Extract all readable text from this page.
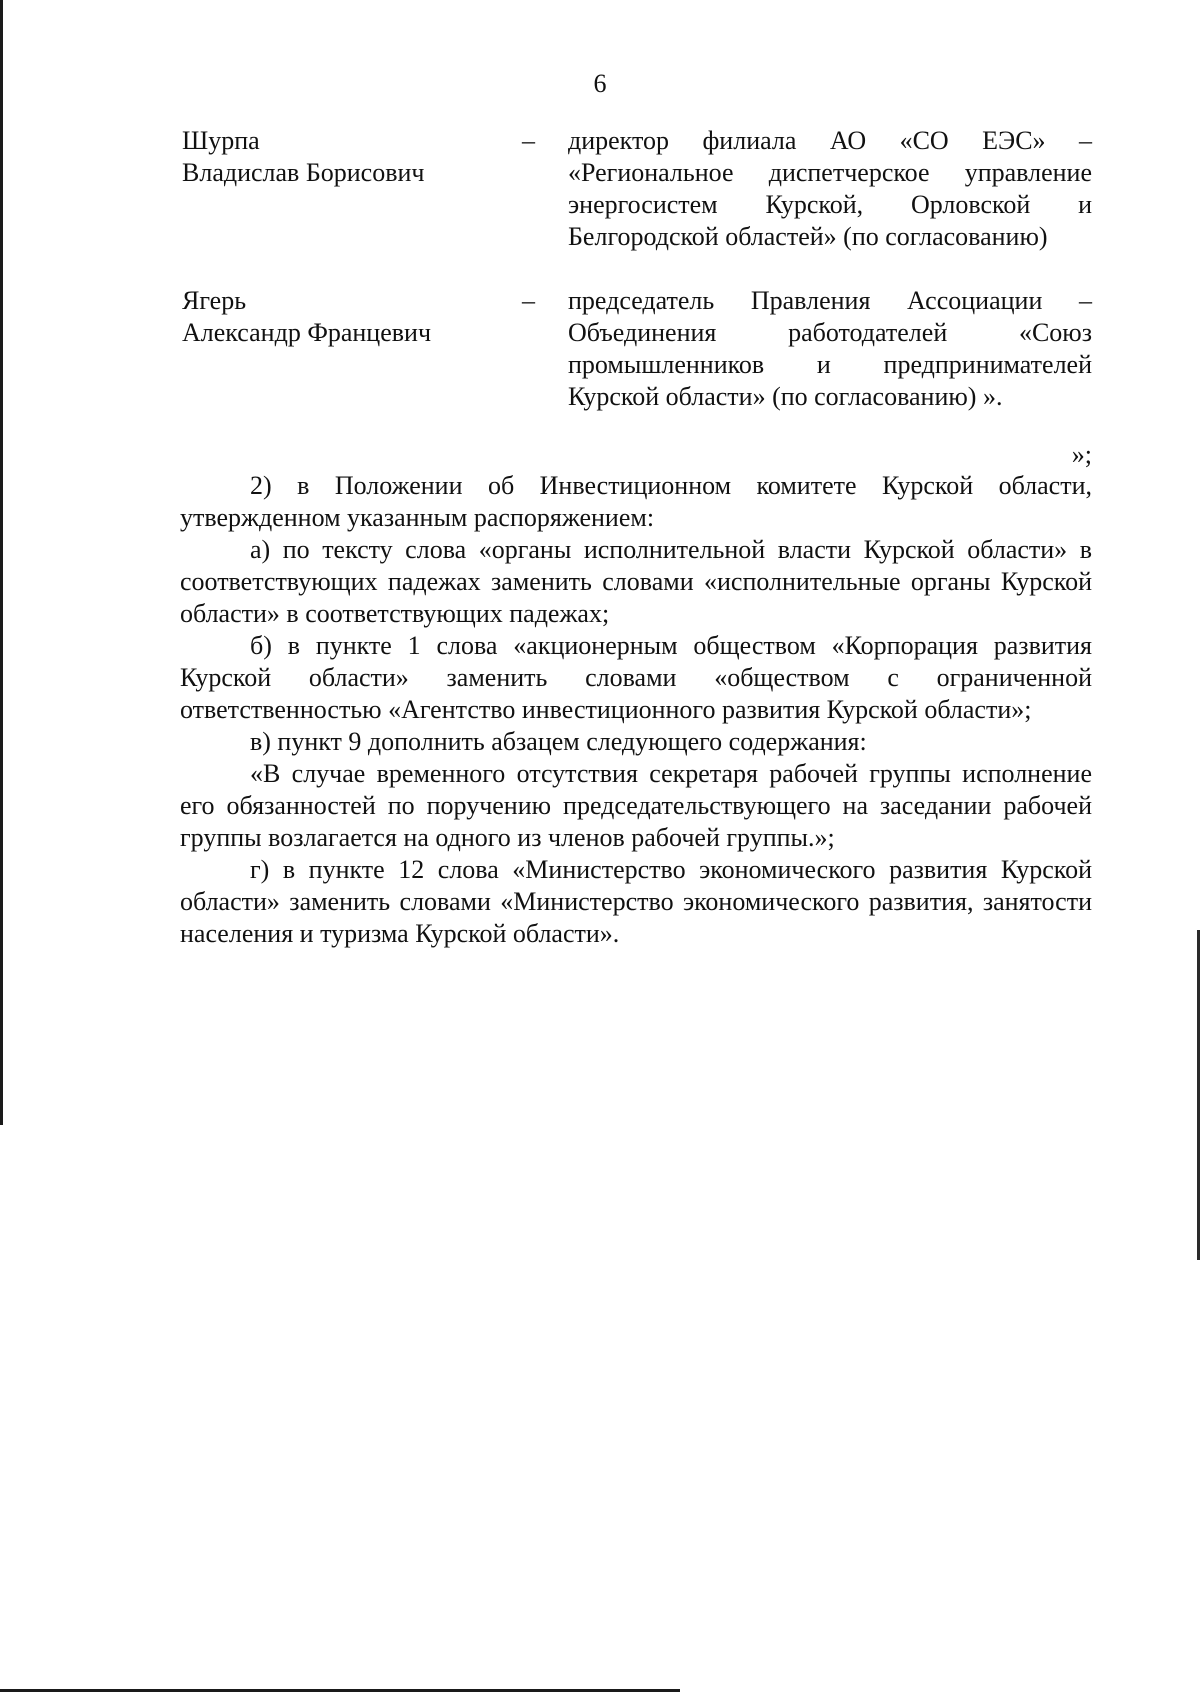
6
Шурпа
Владислав Борисович
–	директор филиала АО «СО ЕЭС» – «Региональное диспетчерское управление энергосистем Курской, Орловской и Белгородской областей» (по согласованию)
Ягерь
Александр Францевич
–	председатель Правления Ассоциации – Объединения работодателей «Союз промышленников и предпринимателей Курской области» (по согласованию) ».
»;

2) в Положении об Инвестиционном комитете Курской области, утвержденном указанным распоряжением:

а) по тексту слова «органы исполнительной власти Курской области» в соответствующих падежах заменить словами «исполнительные органы Курской области» в соответствующих падежах;

б) в пункте 1 слова «акционерным обществом «Корпорация развития Курской области» заменить словами «обществом с ограниченной ответственностью «Агентство инвестиционного развития Курской области»;

в) пункт 9 дополнить абзацем следующего содержания:

«В случае временного отсутствия секретаря рабочей группы исполнение его обязанностей по поручению председательствующего на заседании рабочей группы возлагается на одного из членов рабочей группы.»;

г) в пункте 12 слова «Министерство экономического развития Курской области» заменить словами «Министерство экономического развития, занятости населения и туризма Курской области».
